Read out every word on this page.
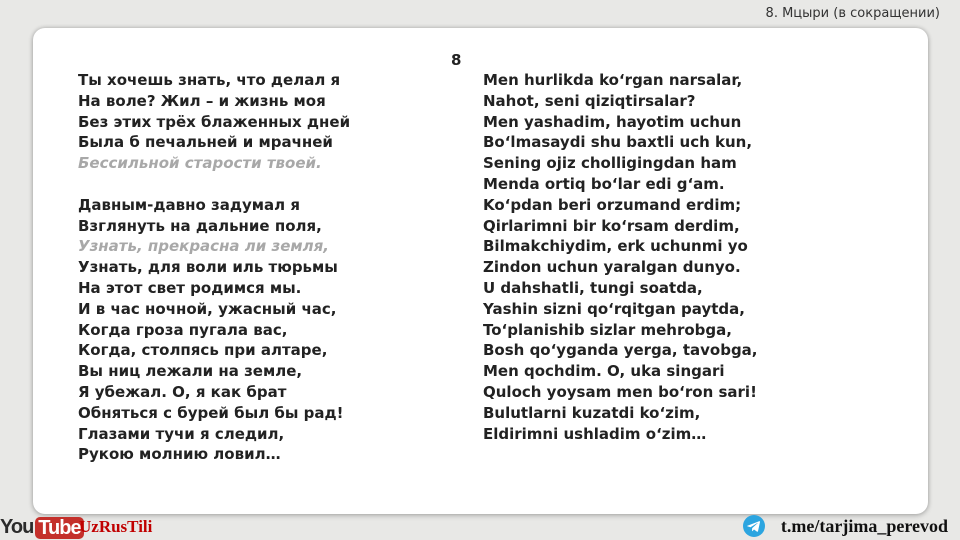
8. Мцыри (в сокращении)
8
Ты хочешь знать, что делал я
На воле? Жил – и жизнь моя
Без этих трёх блаженных дней
Была б печальней и мрачней
Бессильной старости твоей.
Давным-давно задумал я
Взглянуть на дальние поля,
Узнать, прекрасна ли земля,
Узнать, для воли иль тюрьмы
На этот свет родимся мы.
И в час ночной, ужасный час,
Когда гроза пугала вас,
Когда, столпясь при алтаре,
Вы ниц лежали на земле,
Я убежал. О, я как брат
Обняться с бурей был бы рад!
Глазами тучи я следил,
Рукою молнию ловил…
Men hurlikda ko‘rgan narsalar,
Nahot, seni qiziqtirsalar?
Men yashadim, hayotim uchun
Bo‘lmasaydi shu baxtli uch kun,
Sening ojiz cholligingdan ham
Menda ortiq bo‘lar edi g‘am.
Ko‘pdan beri orzumand erdim;
Qirlarimni bir ko‘rsam derdim,
Bilmakchiydim, erk uchunmi yo
Zindon uchun yaralgan dunyo.
U dahshatli, tungi soatda,
Yashin sizni qo‘rqitgan paytda,
To‘planishib sizlar mehrobga,
Bosh qo‘yganda yerga, tavobga,
Men qochdim. O, uka singari
Quloch yoysam men bo‘ron sari!
Bulutlarni kuzatdi ko‘zim,
Eldirimni ushladim o‘zim…
You Tube
UzRusTili	t.me/tarjima_perevod
